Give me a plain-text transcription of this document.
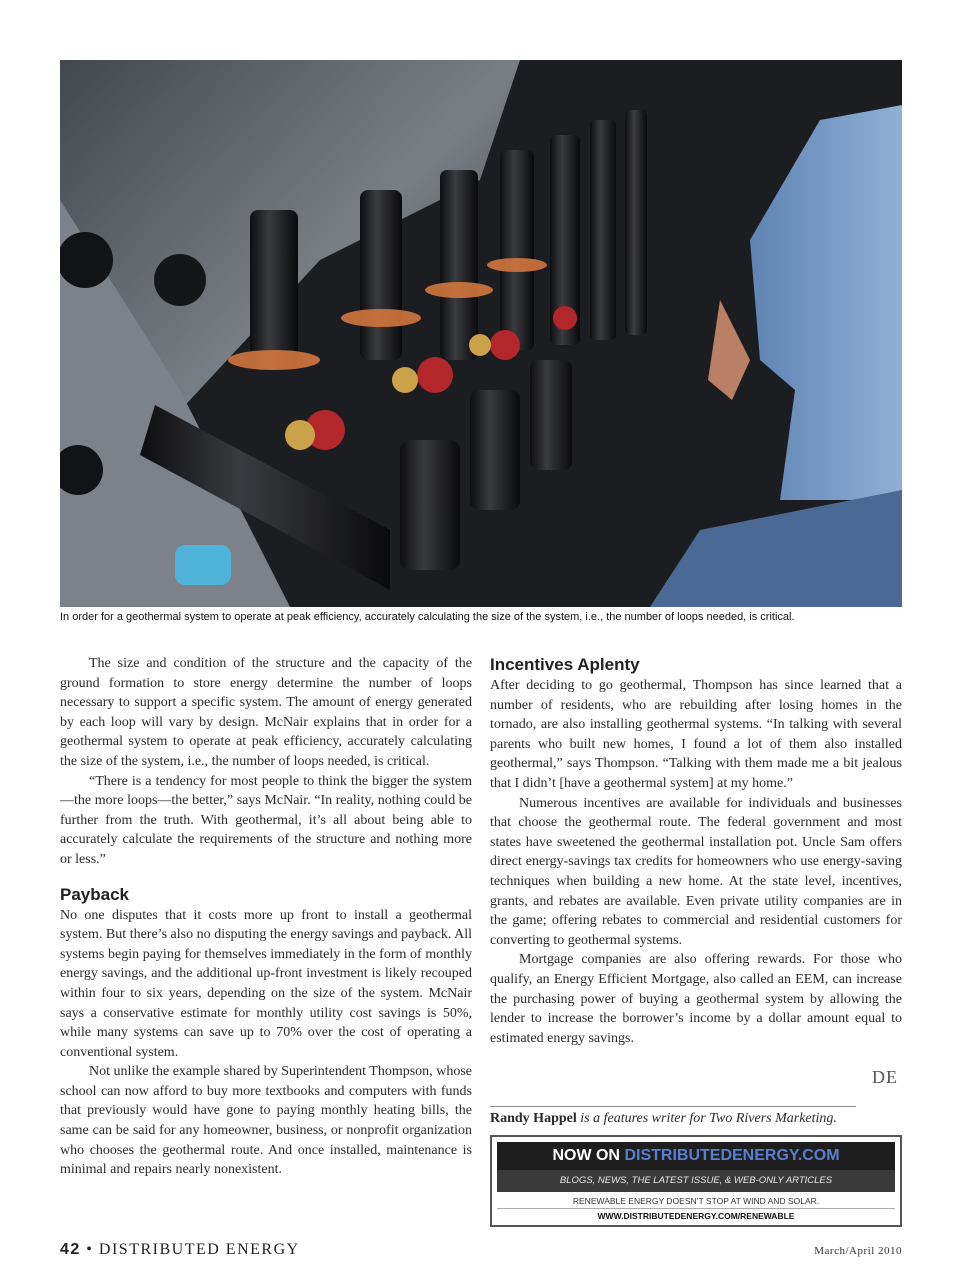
In order for a geothermal system to operate at peak efficiency, accurately calculating the size of the system, i.e., the number of loops needed, is critical.

The size and condition of the structure and the capacity of the ground formation to store energy determine the number of loops necessary to support a specific system. The amount of energy generated by each loop will vary by design. McNair explains that in order for a geothermal system to operate at peak efficiency, accurately calculating the size of the system, i.e., the number of loops needed, is critical.

“There is a tendency for most people to think the bigger the system—the more loops—the better,” says McNair. “In reality, nothing could be further from the truth. With geothermal, it’s all about being able to accurately calculate the requirements of the structure and nothing more or less.”

Payback

No one disputes that it costs more up front to install a geothermal system. But there’s also no disputing the energy savings and payback. All systems begin paying for themselves immediately in the form of monthly energy savings, and the additional up-front investment is likely recouped within four to six years, depending on the size of the system. McNair says a conservative estimate for monthly utility cost savings is 50%, while many systems can save up to 70% over the cost of operating a conventional system.

Not unlike the example shared by Superintendent Thompson, whose school can now afford to buy more textbooks and computers with funds that previously would have gone to paying monthly heating bills, the same can be said for any homeowner, business, or nonprofit organization who chooses the geothermal route. And once installed, maintenance is minimal and repairs nearly nonexistent.

Incentives Aplenty

After deciding to go geothermal, Thompson has since learned that a number of residents, who are rebuilding after losing homes in the tornado, are also installing geothermal systems. “In talking with several parents who built new homes, I found a lot of them also installed geothermal,” says Thompson. “Talking with them made me a bit jealous that I didn’t [have a geothermal system] at my home.”

Numerous incentives are available for individuals and businesses that choose the geothermal route. The federal government and most states have sweetened the geothermal installation pot. Uncle Sam offers direct energy-savings tax credits for homeowners who use energy-saving techniques when building a new home. At the state level, incentives, grants, and rebates are available. Even private utility companies are in the game; offering rebates to commercial and residential customers for converting to geothermal systems.

Mortgage companies are also offering rewards. For those who qualify, an Energy Efficient Mortgage, also called an EEM, can increase the purchasing power of buying a geothermal system by allowing the lender to increase the borrower’s income by a dollar amount equal to estimated energy savings.

DE
Randy Happel is a features writer for Two Rivers Marketing.
NOW ON DISTRIBUTEDENERGY.COM
BLOGS, NEWS, THE LATEST ISSUE, & WEB-ONLY ARTICLES
RENEWABLE ENERGY DOESN’T STOP AT WIND AND SOLAR.
WWW.DISTRIBUTEDENERGY.COM/RENEWABLE
42 • DISTRIBUTED ENERGY	March/April 2010
